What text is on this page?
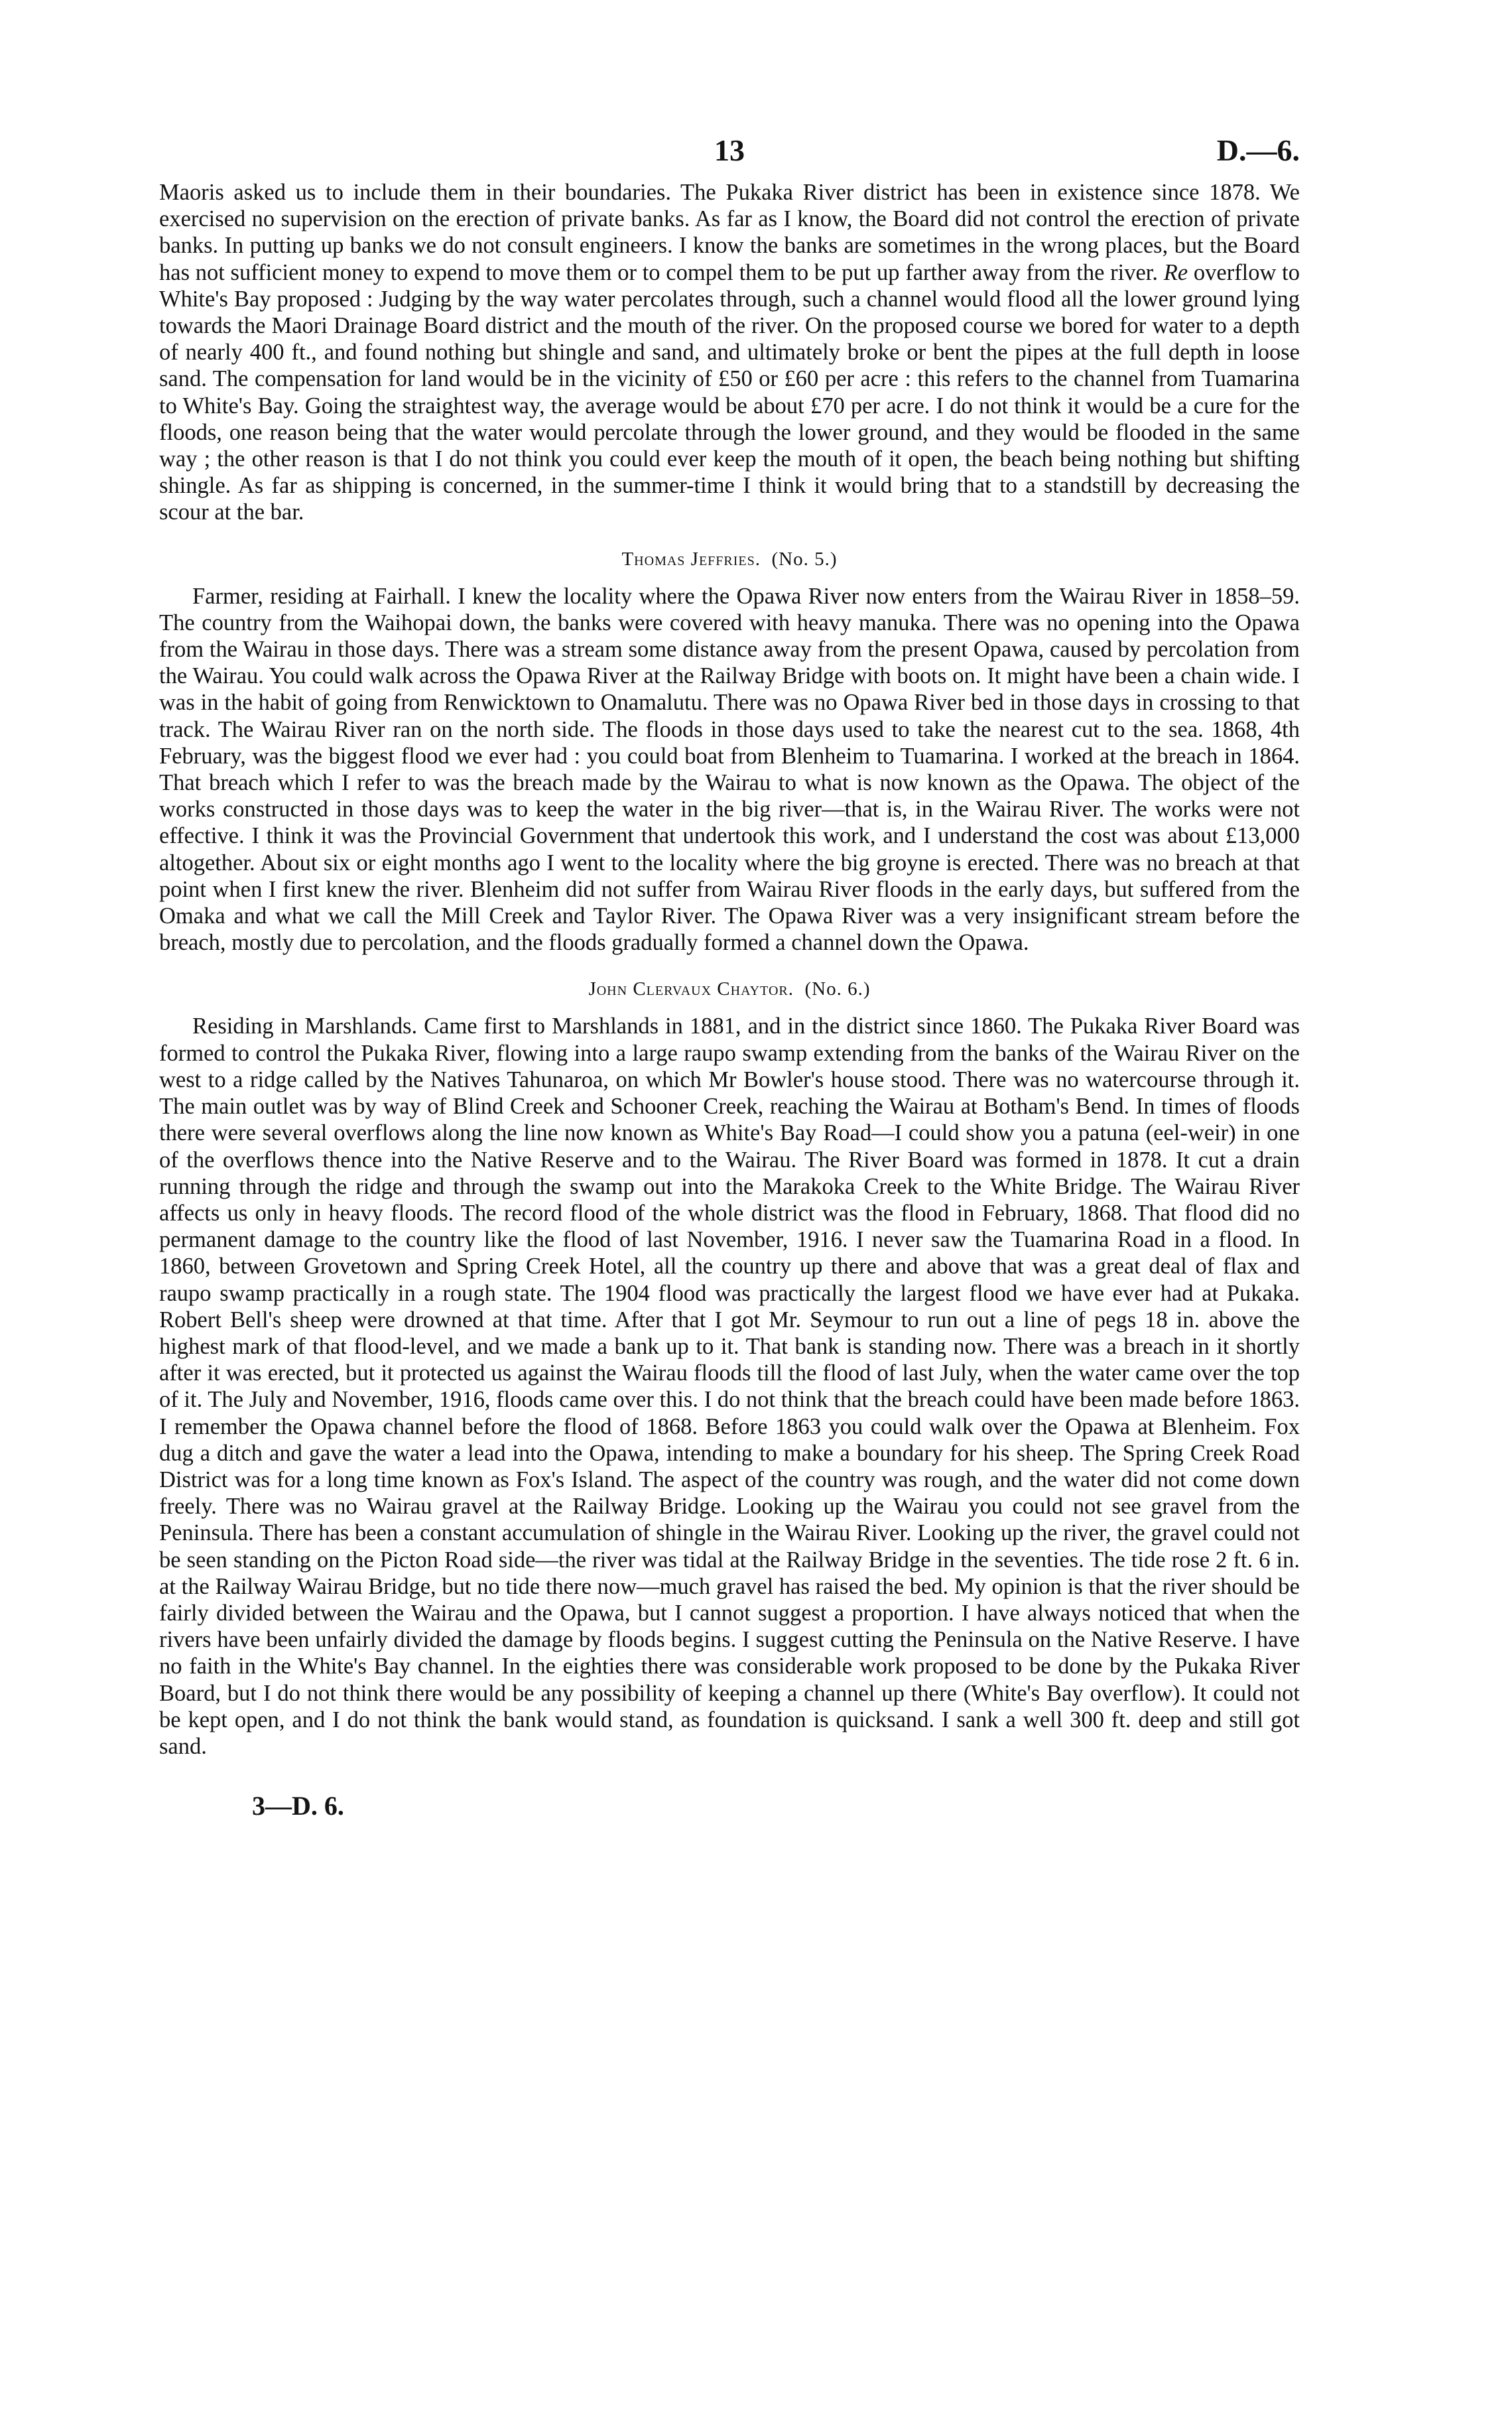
13	D.—6.

Maoris asked us to include them in their boundaries. The Pukaka River district has been in existence since 1878. We exercised no supervision on the erection of private banks. As far as I know, the Board did not control the erection of private banks. In putting up banks we do not consult engineers. I know the banks are sometimes in the wrong places, but the Board has not sufficient money to expend to move them or to compel them to be put up farther away from the river. Re overflow to White's Bay proposed : Judging by the way water percolates through, such a channel would flood all the lower ground lying towards the Maori Drainage Board district and the mouth of the river. On the proposed course we bored for water to a depth of nearly 400 ft., and found nothing but shingle and sand, and ultimately broke or bent the pipes at the full depth in loose sand. The compensation for land would be in the vicinity of £50 or £60 per acre : this refers to the channel from Tuamarina to White's Bay. Going the straightest way, the average would be about £70 per acre. I do not think it would be a cure for the floods, one reason being that the water would percolate through the lower ground, and they would be flooded in the same way ; the other reason is that I do not think you could ever keep the mouth of it open, the beach being nothing but shifting shingle. As far as shipping is concerned, in the summer-time I think it would bring that to a standstill by decreasing the scour at the bar.

Thomas Jeffries. (No. 5.)

Farmer, residing at Fairhall. I knew the locality where the Opawa River now enters from the Wairau River in 1858–59. The country from the Waihopai down, the banks were covered with heavy manuka. There was no opening into the Opawa from the Wairau in those days. There was a stream some distance away from the present Opawa, caused by percolation from the Wairau. You could walk across the Opawa River at the Railway Bridge with boots on. It might have been a chain wide. I was in the habit of going from Renwicktown to Onamalutu. There was no Opawa River bed in those days in crossing to that track. The Wairau River ran on the north side. The floods in those days used to take the nearest cut to the sea. 1868, 4th February, was the biggest flood we ever had : you could boat from Blenheim to Tuamarina. I worked at the breach in 1864. That breach which I refer to was the breach made by the Wairau to what is now known as the Opawa. The object of the works constructed in those days was to keep the water in the big river—that is, in the Wairau River. The works were not effective. I think it was the Provincial Government that undertook this work, and I understand the cost was about £13,000 altogether. About six or eight months ago I went to the locality where the big groyne is erected. There was no breach at that point when I first knew the river. Blenheim did not suffer from Wairau River floods in the early days, but suffered from the Omaka and what we call the Mill Creek and Taylor River. The Opawa River was a very insignificant stream before the breach, mostly due to percolation, and the floods gradually formed a channel down the Opawa.

John Clervaux Chaytor. (No. 6.)

Residing in Marshlands. Came first to Marshlands in 1881, and in the district since 1860. The Pukaka River Board was formed to control the Pukaka River, flowing into a large raupo swamp extending from the banks of the Wairau River on the west to a ridge called by the Natives Tahunaroa, on which Mr Bowler's house stood. There was no watercourse through it. The main outlet was by way of Blind Creek and Schooner Creek, reaching the Wairau at Botham's Bend. In times of floods there were several overflows along the line now known as White's Bay Road—I could show you a patuna (eel-weir) in one of the overflows thence into the Native Reserve and to the Wairau. The River Board was formed in 1878. It cut a drain running through the ridge and through the swamp out into the Marakoka Creek to the White Bridge. The Wairau River affects us only in heavy floods. The record flood of the whole district was the flood in February, 1868. That flood did no permanent damage to the country like the flood of last November, 1916. I never saw the Tuamarina Road in a flood. In 1860, between Grovetown and Spring Creek Hotel, all the country up there and above that was a great deal of flax and raupo swamp practically in a rough state. The 1904 flood was practically the largest flood we have ever had at Pukaka. Robert Bell's sheep were drowned at that time. After that I got Mr. Seymour to run out a line of pegs 18 in. above the highest mark of that flood-level, and we made a bank up to it. That bank is standing now. There was a breach in it shortly after it was erected, but it protected us against the Wairau floods till the flood of last July, when the water came over the top of it. The July and November, 1916, floods came over this. I do not think that the breach could have been made before 1863. I remember the Opawa channel before the flood of 1868. Before 1863 you could walk over the Opawa at Blenheim. Fox dug a ditch and gave the water a lead into the Opawa, intending to make a boundary for his sheep. The Spring Creek Road District was for a long time known as Fox's Island. The aspect of the country was rough, and the water did not come down freely. There was no Wairau gravel at the Railway Bridge. Looking up the Wairau you could not see gravel from the Peninsula. There has been a constant accumulation of shingle in the Wairau River. Looking up the river, the gravel could not be seen standing on the Picton Road side—the river was tidal at the Railway Bridge in the seventies. The tide rose 2 ft. 6 in. at the Railway Wairau Bridge, but no tide there now—much gravel has raised the bed. My opinion is that the river should be fairly divided between the Wairau and the Opawa, but I cannot suggest a proportion. I have always noticed that when the rivers have been unfairly divided the damage by floods begins. I suggest cutting the Peninsula on the Native Reserve. I have no faith in the White's Bay channel. In the eighties there was considerable work proposed to be done by the Pukaka River Board, but I do not think there would be any possibility of keeping a channel up there (White's Bay overflow). It could not be kept open, and I do not think the bank would stand, as foundation is quicksand. I sank a well 300 ft. deep and still got sand.

3—D. 6.
